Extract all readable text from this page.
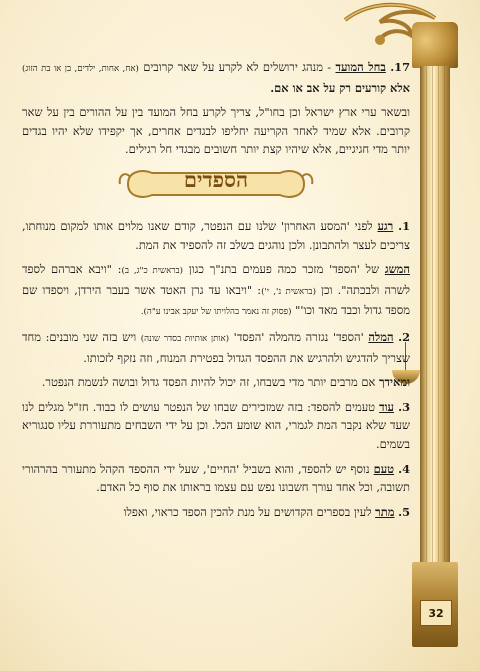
32

17. בחל המועד - מנהג ירושלים לא לקרע על שאר קרובים (אח, אחות, ילדים, בן או בת הזוג) אלא קורעים רק על אב או אם.

ובשאר ערי ארץ ישראל וכן בחו"ל, צריך לקרע בחל המועד בין על ההורים בין על שאר קרובים. אלא שמיד לאחר הקריעה יחליפו לבגדים אחרים, אך יקפידו שלא יהיו בגדים יותר מדי חגיגיים, אלא שיהיו קצת יותר חשובים מבגדי חל רגילים.

הספדים

1. רגע לפני 'המסע האחרון' שלנו עם הנפטר, קודם שאנו מלוים אותו למקום מנוחתו, צריכים לעצר ולהתבונן. ולכן נוהגים בשלב זה להספיד את המת.

המשג של 'הספד' מזכר כמה פעמים בתנ"ך כגון (בראשית כ"ג, ב): "ויבא אברהם לספד לשרה ולבכתה". וכן (בראשית נ', י'): "ויבאו עד גרן האטד אשר בעבר הירדן, ויספדו שם מספד גדול וכבד מאד וכו'" (פסוק זה נאמר בהלויתו של יעקב אבינו ע"ה).

2. המלה 'הספד' נגזרה מהמלה 'הפסד' (אותן אותיות בסדר שונה) ויש בזה שני מובנים: מחד שצריך להדגיש ולהרגיש את ההפסד הגדול בפטירת המנוח, וזה נזקף לזכותו.

ומאידך אם מרבים יותר מדי בשבחו, זה יכול להיות הפסד גדול ובושה לנשמת הנפטר.

3. עוד טעמים להספד: בזה שמזכירים שבחו של הנפטר עושים לו כבוד. חז"ל מגלים לנו שעד שלא נקבר המת לגמרי, הוא שומע הכל. וכן על ידי השבחים מתעוררת עליו סנגוריא בשמים.

4. טעם נוסף יש להספד, והוא בשביל 'החיים', שעל ידי ההספד הקהל מתעורר בהרהורי תשובה, וכל אחד עורך חשבונו נפש עם עצמו בראותו את סוף כל האדם.

5. מתר לעין בספרים הקדושים על מנת להכין הספד כראוי, ואפלו
